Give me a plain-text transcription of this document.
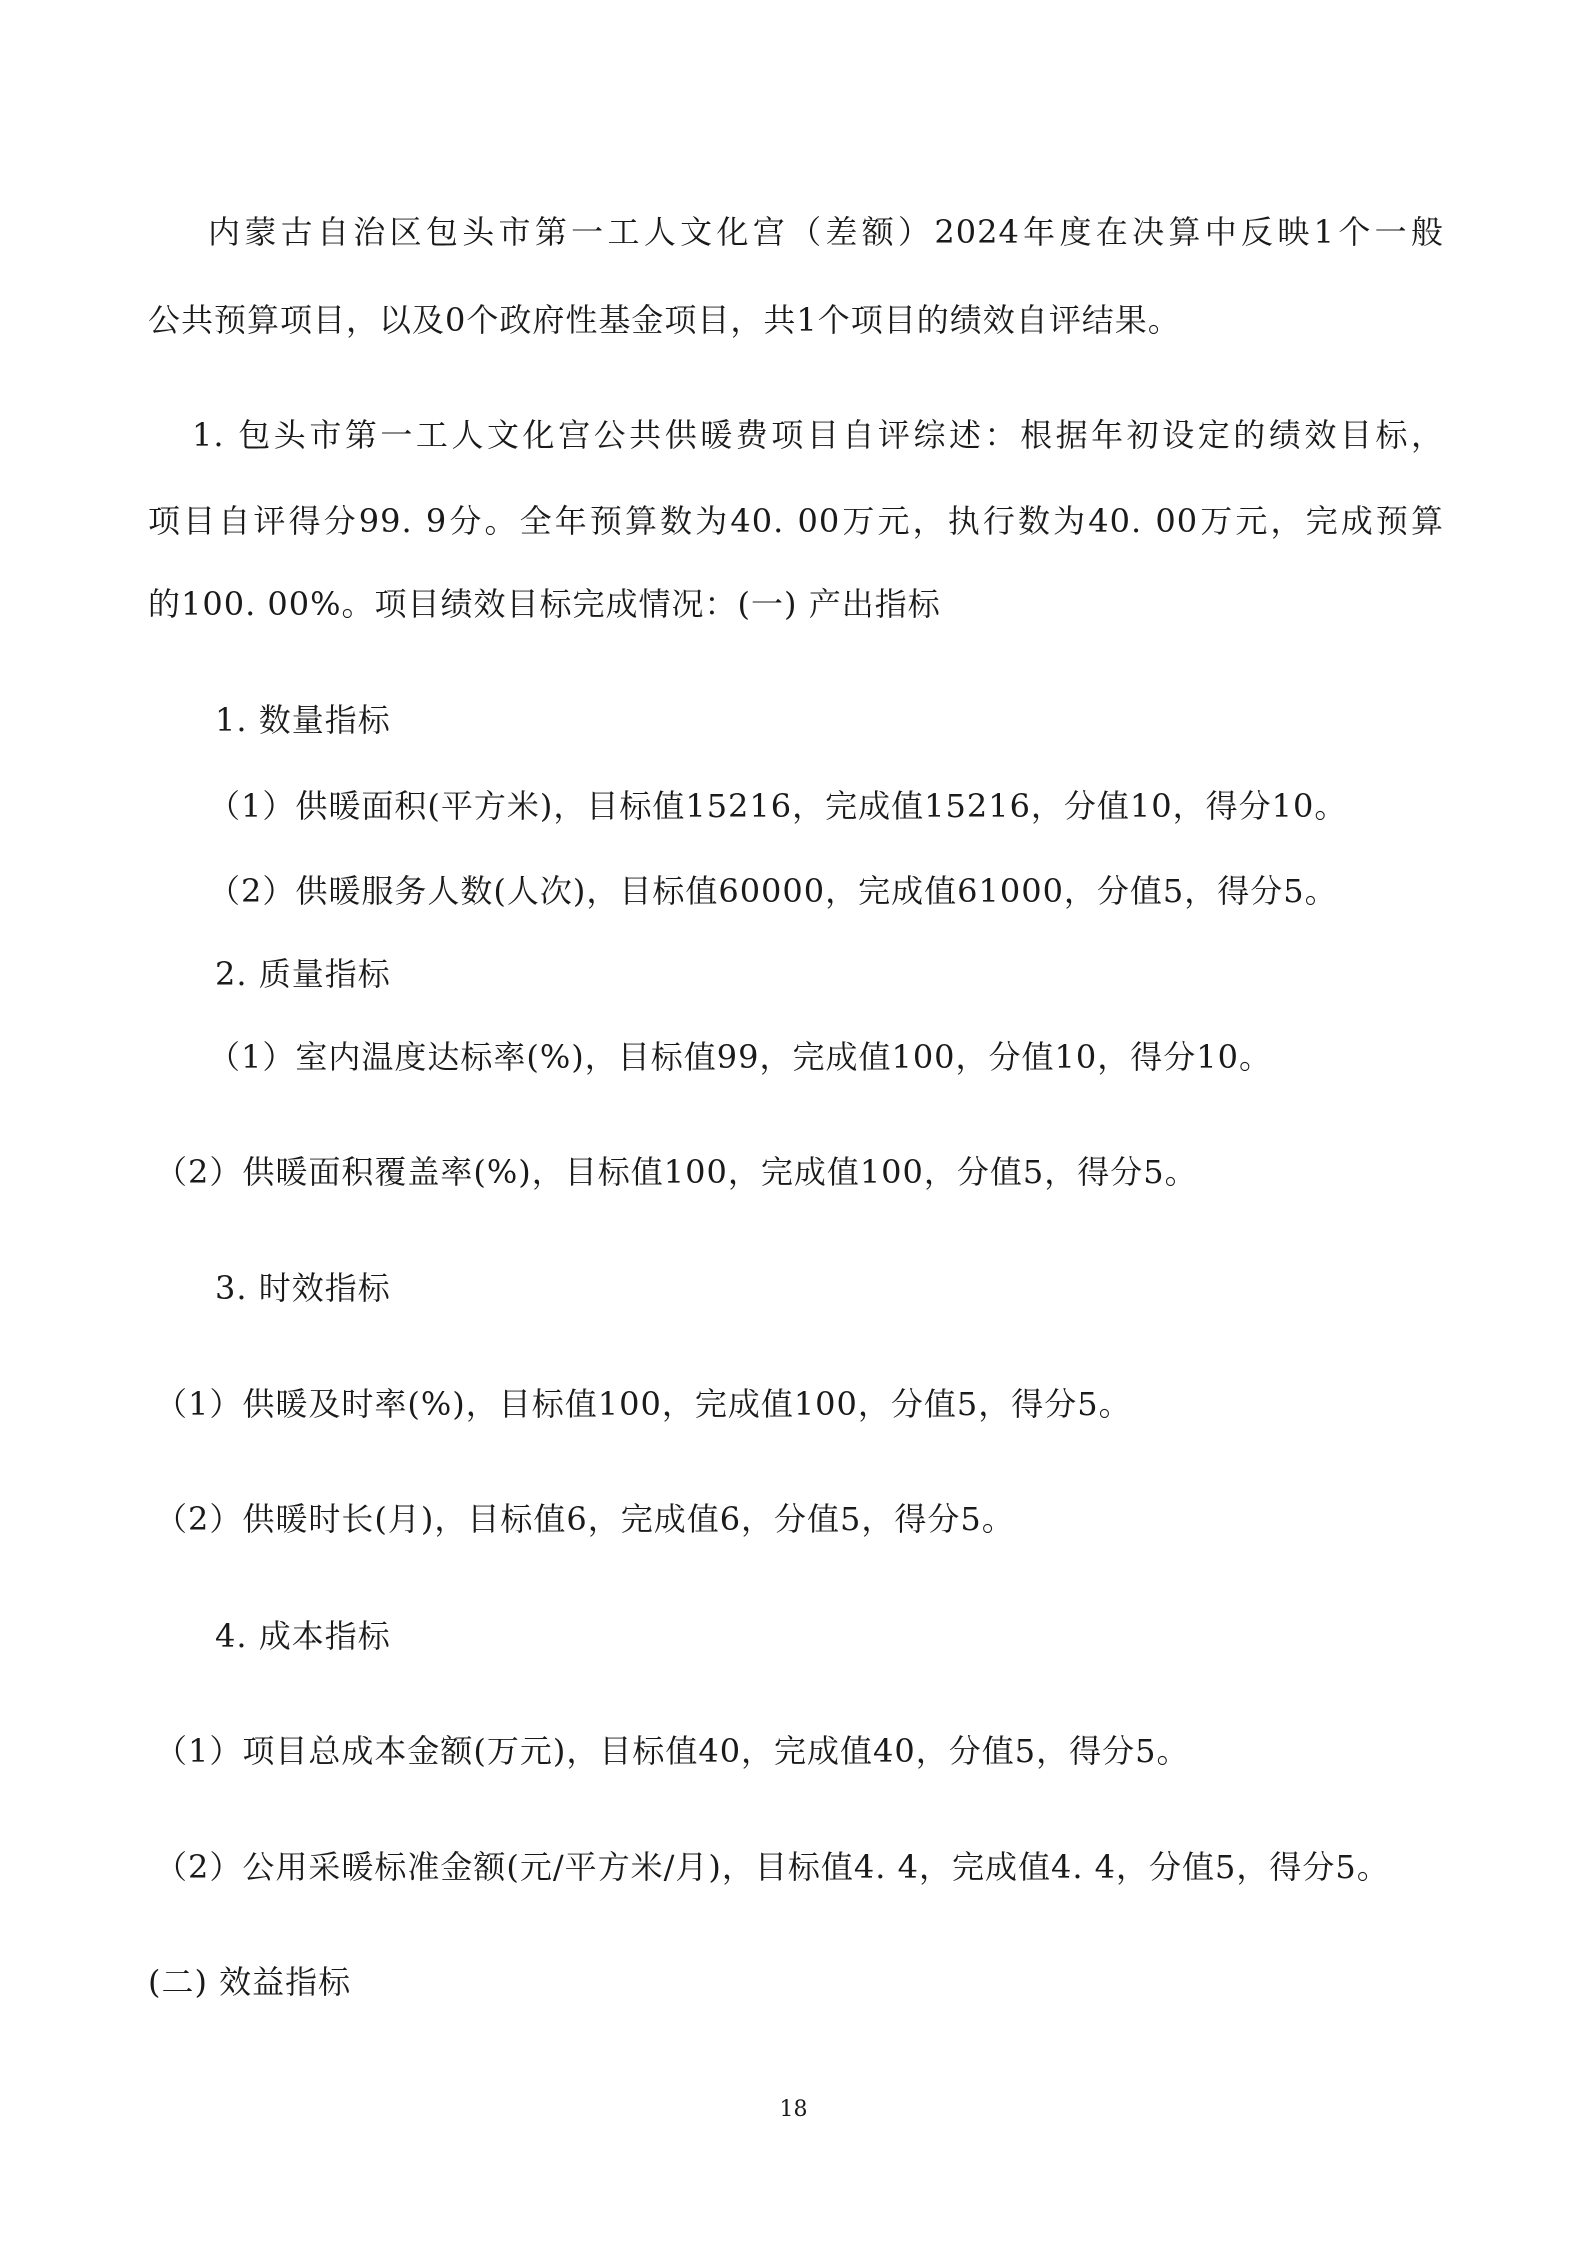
内蒙古自治区包头市第一工人文化宫（差额）2024年度在决算中反映1个一般
公共预算项目，以及0个政府性基金项目，共1个项目的绩效自评结果。
1. 包头市第一工人文化宫公共供暖费项目自评综述：根据年初设定的绩效目标，
项目自评得分99. 9分。全年预算数为40. 00万元，执行数为40. 00万元，完成预算
的100. 00%。项目绩效目标完成情况：(一) 产出指标
1. 数量指标
（1）供暖面积(平方米)，目标值15216，完成值15216，分值10，得分10。
（2）供暖服务人数(人次)，目标值60000，完成值61000，分值5，得分5。
2. 质量指标
（1）室内温度达标率(%)，目标值99，完成值100，分值10，得分10。
（2）供暖面积覆盖率(%)，目标值100，完成值100，分值5，得分5。
3. 时效指标
（1）供暖及时率(%)，目标值100，完成值100，分值5，得分5。
（2）供暖时长(月)，目标值6，完成值6，分值5，得分5。
4. 成本指标
（1）项目总成本金额(万元)，目标值40，完成值40，分值5，得分5。
（2）公用采暖标准金额(元/平方米/月)，目标值4. 4，完成值4. 4，分值5，得分5。
(二) 效益指标
18
